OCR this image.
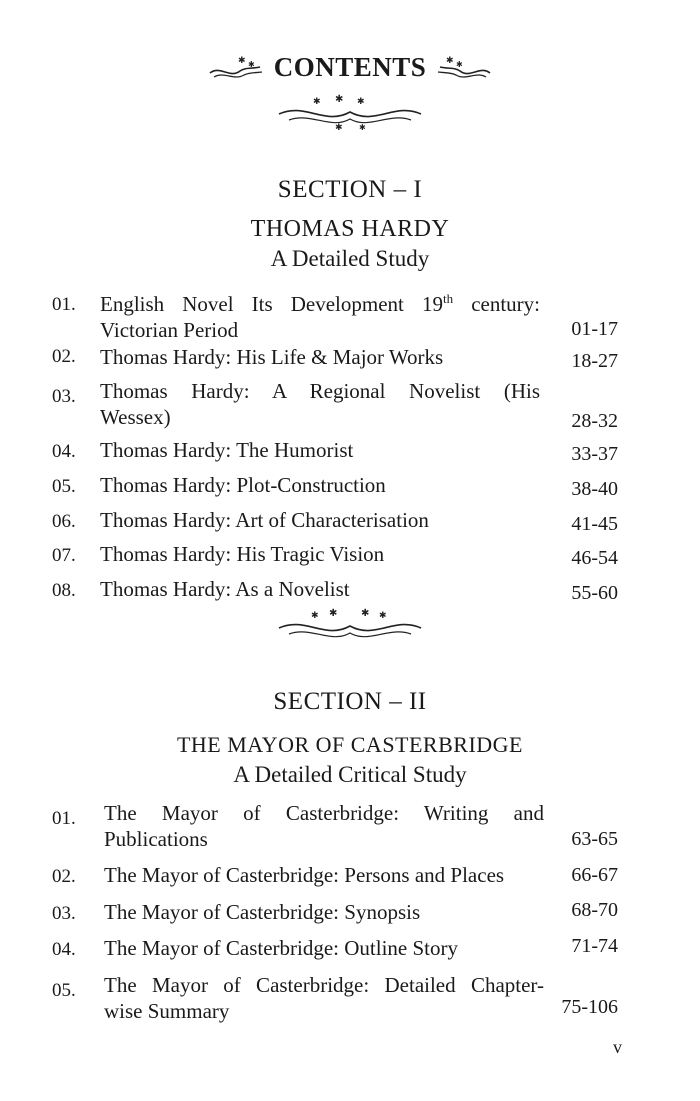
✱ ✱ CONTENTS ✱ ✱
✱ ✱ ✱
✱ ✱
SECTION – I
THOMAS HARDY
A Detailed Study
01. English Novel Its Development 19th century:
Victorian Period	01-17
02. Thomas Hardy: His Life & Major Works	18-27
03. Thomas Hardy: A Regional Novelist (His
Wessex)	28-32
04. Thomas Hardy: The Humorist	33-37
05. Thomas Hardy: Plot-Construction	38-40
06. Thomas Hardy: Art of Characterisation	41-45
07. Thomas Hardy: His Tragic Vision	46-54
08. Thomas Hardy: As a Novelist	55-60
✱ ✱ ✱ ✱
SECTION – II
THE MAYOR OF CASTERBRIDGE
A Detailed Critical Study
01. The Mayor of Casterbridge: Writing and
Publications	63-65
02. The Mayor of Casterbridge: Persons and Places	66-67
03. The Mayor of Casterbridge: Synopsis	68-70
04. The Mayor of Casterbridge: Outline Story	71-74
05. The Mayor of Casterbridge: Detailed Chapter-
wise Summary	75-106
v
